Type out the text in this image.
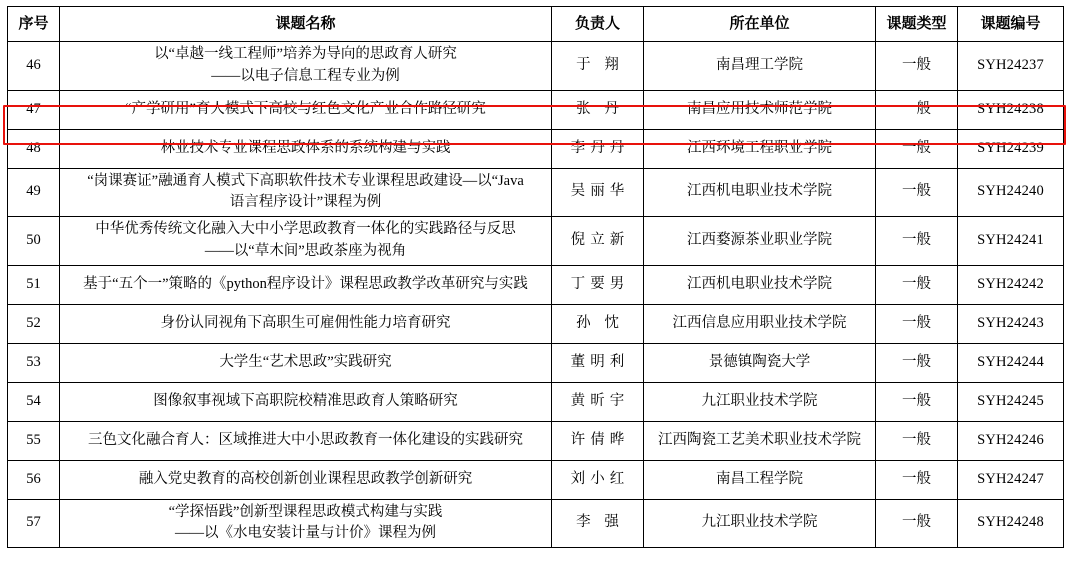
序号	课题名称	负责人	所在单位	课题类型	课题编号
46	以“卓越一线工程师”培养为导向的思政育人研究
——以电子信息工程专业为例	于 翔	南昌理工学院	一般	SYH24237
47	“产学研用”育人模式下高校与红色文化产业合作路径研究	张 丹	南昌应用技术师范学院	一般	SYH24238
48	林业技术专业课程思政体系的系统构建与实践	李丹丹	江西环境工程职业学院	一般	SYH24239
49	“岗课赛证”融通育人模式下高职软件技术专业课程思政建设—以“Java
语言程序设计”课程为例	吴丽华	江西机电职业技术学院	一般	SYH24240
50	中华优秀传统文化融入大中小学思政教育一体化的实践路径与反思
——以“草木间”思政茶座为视角	倪立新	江西婺源茶业职业学院	一般	SYH24241
51	基于“五个一”策略的《python程序设计》课程思政教学改革研究与实践	丁要男	江西机电职业技术学院	一般	SYH24242
52	身份认同视角下高职生可雇佣性能力培育研究	孙 忱	江西信息应用职业技术学院	一般	SYH24243
53	大学生“艺术思政”实践研究	董明利	景德镇陶瓷大学	一般	SYH24244
54	图像叙事视域下高职院校精准思政育人策略研究	黄昕宇	九江职业技术学院	一般	SYH24245
55	三色文化融合育人：区域推进大中小思政教育一体化建设的实践研究	许倩晔	江西陶瓷工艺美术职业技术学院	一般	SYH24246
56	融入党史教育的高校创新创业课程思政教学创新研究	刘小红	南昌工程学院	一般	SYH24247
57	“学探悟践”创新型课程思政模式构建与实践
——以《水电安装计量与计价》课程为例	李 强	九江职业技术学院	一般	SYH24248
